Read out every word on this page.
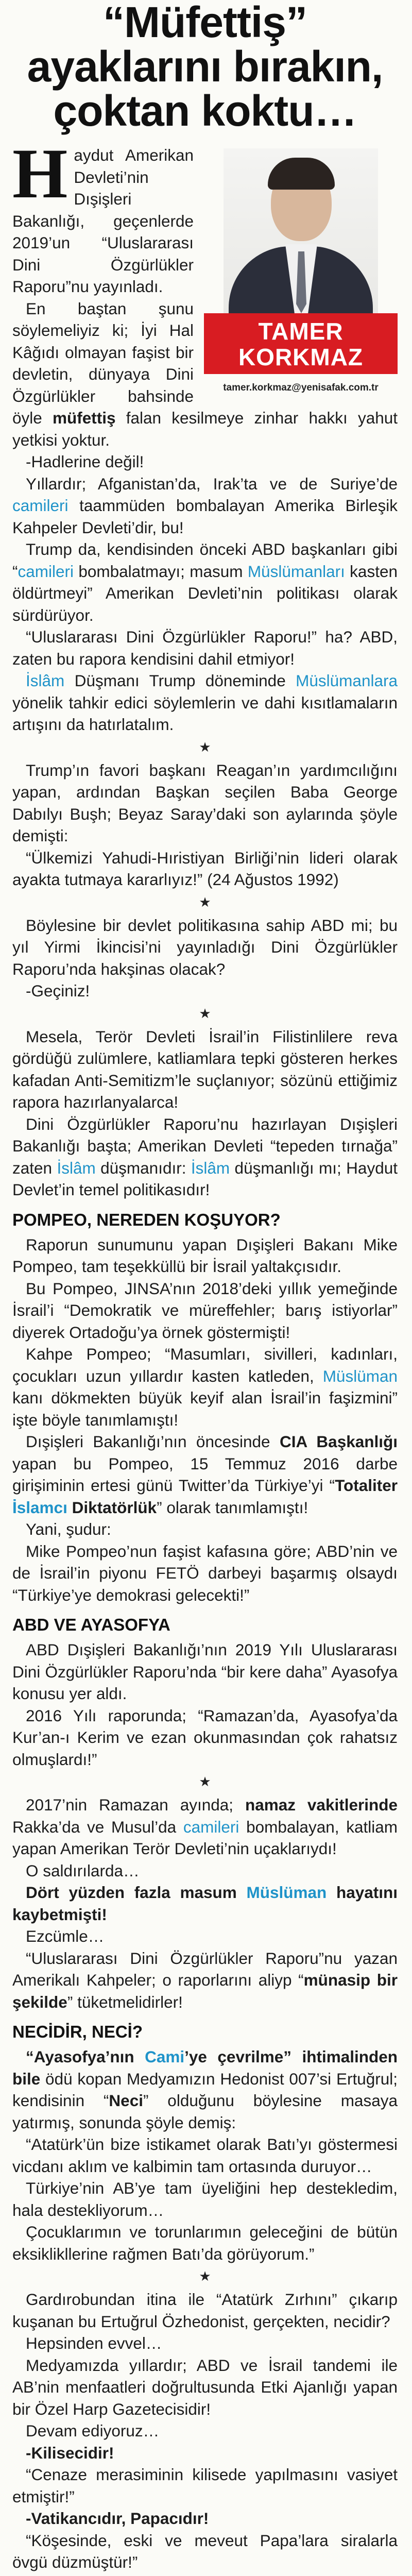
“Müfettiş”
ayaklarını bırakın,
çoktan koktu…
TAMER
KORKMAZ
tamer.korkmaz@yenisafak.com.tr

Haydut Amerikan Devleti’nin Dışişleri Bakanlığı, geçenlerde 2019’un “Uluslararası Dini Özgürlükler Raporu”nu yayınladı.

En baştan şunu söylemeliyiz ki; İyi Hal Kâğıdı olmayan faşist bir devletin, dünyaya Dini Özgürlükler bahsinde öyle müfettiş falan kesilmeye zinhar hakkı yahut yetkisi yoktur.

-Hadlerine değil!

Yıllardır; Afganistan’da, Irak’ta ve de Suriye’de camileri taammüden bombalayan Amerika Birleşik Kahpeler Devleti’dir, bu!

Trump da, kendisinden önceki ABD başkanları gibi “camileri bombalatmayı; masum Müslümanları kasten öldürtmeyi” Amerikan Devleti’nin politikası olarak sürdürüyor.

“Uluslararası Dini Özgürlükler Raporu!” ha? ABD, zaten bu rapora kendisini dahil etmiyor!

İslâm Düşmanı Trump döneminde Müslümanlara yönelik tahkir edici söylemlerin ve dahi kısıtlamaların artışını da hatırlatalım.

★

Trump’ın favori başkanı Reagan’ın yardımcılığını yapan, ardından Başkan seçilen Baba George Dabılyı Buşh; Beyaz Saray’daki son aylarında şöyle demişti:

“Ülkemizi Yahudi-Hıristiyan Birliği’nin lideri olarak ayakta tutmaya kararlıyız!” (24 Ağustos 1992)

★

Böylesine bir devlet politikasına sahip ABD mi; bu yıl Yirmi İkincisi’ni yayınladığı Dini Özgürlükler Raporu’nda hakşinas olacak?

-Geçiniz!

★

Mesela, Terör Devleti İsrail’in Filistinlilere reva gördüğü zulümlere, katliamlara tepki gösteren herkes kafadan Anti-Semitizm’le suçlanıyor; sözünü ettiğimiz rapora hazırlanyalarca!

Dini Özgürlükler Raporu’nu hazırlayan Dışişleri Bakanlığı başta; Amerikan Devleti “tepeden tırnağa” zaten İslâm düşmanıdır: İslâm düşmanlığı mı; Haydut Devlet’in temel politikasıdır!

POMPEO, NEREDEN KOŞUYOR?

Raporun sunumunu yapan Dışişleri Bakanı Mike Pompeo, tam teşekküllü bir İsrail yaltakçısıdır.

Bu Pompeo, JINSA’nın 2018’deki yıllık yemeğinde İsrail’i “Demokratik ve müreffehler; barış istiyorlar” diyerek Ortadoğu’ya örnek göstermişti!

Kahpe Pompeo; “Masumları, sivilleri, kadınları, çocukları uzun yıllardır kasten katleden, Müslüman kanı dökmekten büyük keyif alan İsrail’in faşizmini” işte böyle tanımlamıştı!

Dışişleri Bakanlığı’nın öncesinde CIA Başkanlığı yapan bu Pompeo, 15 Temmuz 2016 darbe girişiminin ertesi günü Twitter’da Türkiye’yi “Totaliter İslamcı Diktatörlük” olarak tanımlamıştı!

Yani, şudur:

Mike Pompeo’nun faşist kafasına göre; ABD’nin ve de İsrail’in piyonu FETÖ darbeyi başarmış olsaydı “Türkiye’ye demokrasi gelecekti!”

ABD VE AYASOFYA

ABD Dışişleri Bakanlığı’nın 2019 Yılı Uluslararası Dini Özgürlükler Raporu’nda “bir kere daha” Ayasofya konusu yer aldı.

2016 Yılı raporunda; “Ramazan’da, Ayasofya’da Kur’an-ı Kerim ve ezan okunmasından çok rahatsız olmuşlardı!”

★

2017’nin Ramazan ayında; namaz vakitlerinde Rakka’da ve Musul’da camileri bombalayan, katliam yapan Amerikan Terör Devleti’nin uçaklarıydı!

O saldırılarda…

Dört yüzden fazla masum Müslüman hayatını kaybetmişti!

Ezcümle…

“Uluslararası Dini Özgürlükler Raporu”nu yazan Amerikalı Kahpeler; o raporlarını aliyp “münasip bir şekilde” tüketmelidirler!

NECİDİR, NECİ?

“Ayasofya’nın Cami’ye çevrilme” ihtimalinden bile ödü kopan Medyamızın Hedonist 007’si Ertuğrul; kendisinin “Neci” olduğunu böylesine masaya yatırmış, sonunda şöyle demiş:

“Atatürk’ün bize istikamet olarak Batı’yı göstermesi vicdanı aklım ve kalbimin tam ortasında duruyor…

Türkiye’nin AB’ye tam üyeliğini hep destekledim, hala destekliyorum…

Çocuklarımın ve torunlarımın geleceğini de bütün eksiklikllerine rağmen Batı’da görüyorum.”

★

Gardırobundan itina ile “Atatürk Zırhını” çıkarıp kuşanan bu Ertuğrul Özhedonist, gerçekten, necidir?

Hepsinden evvel…

Medyamızda yıllardır; ABD ve İsrail tandemi ile AB’nin menfaatleri doğrultusunda Etki Ajanlığı yapan bir Özel Harp Gazetecisidir!

Devam ediyoruz…

-Kilisecidir!

“Cenaze merasiminin kilisede yapılmasını vasiyet etmiştir!”

-Vatikancıdır, Papacıdır!

“Köşesinde, eski ve meveut Papa’lara siralarla övgü düzmüştür!”
